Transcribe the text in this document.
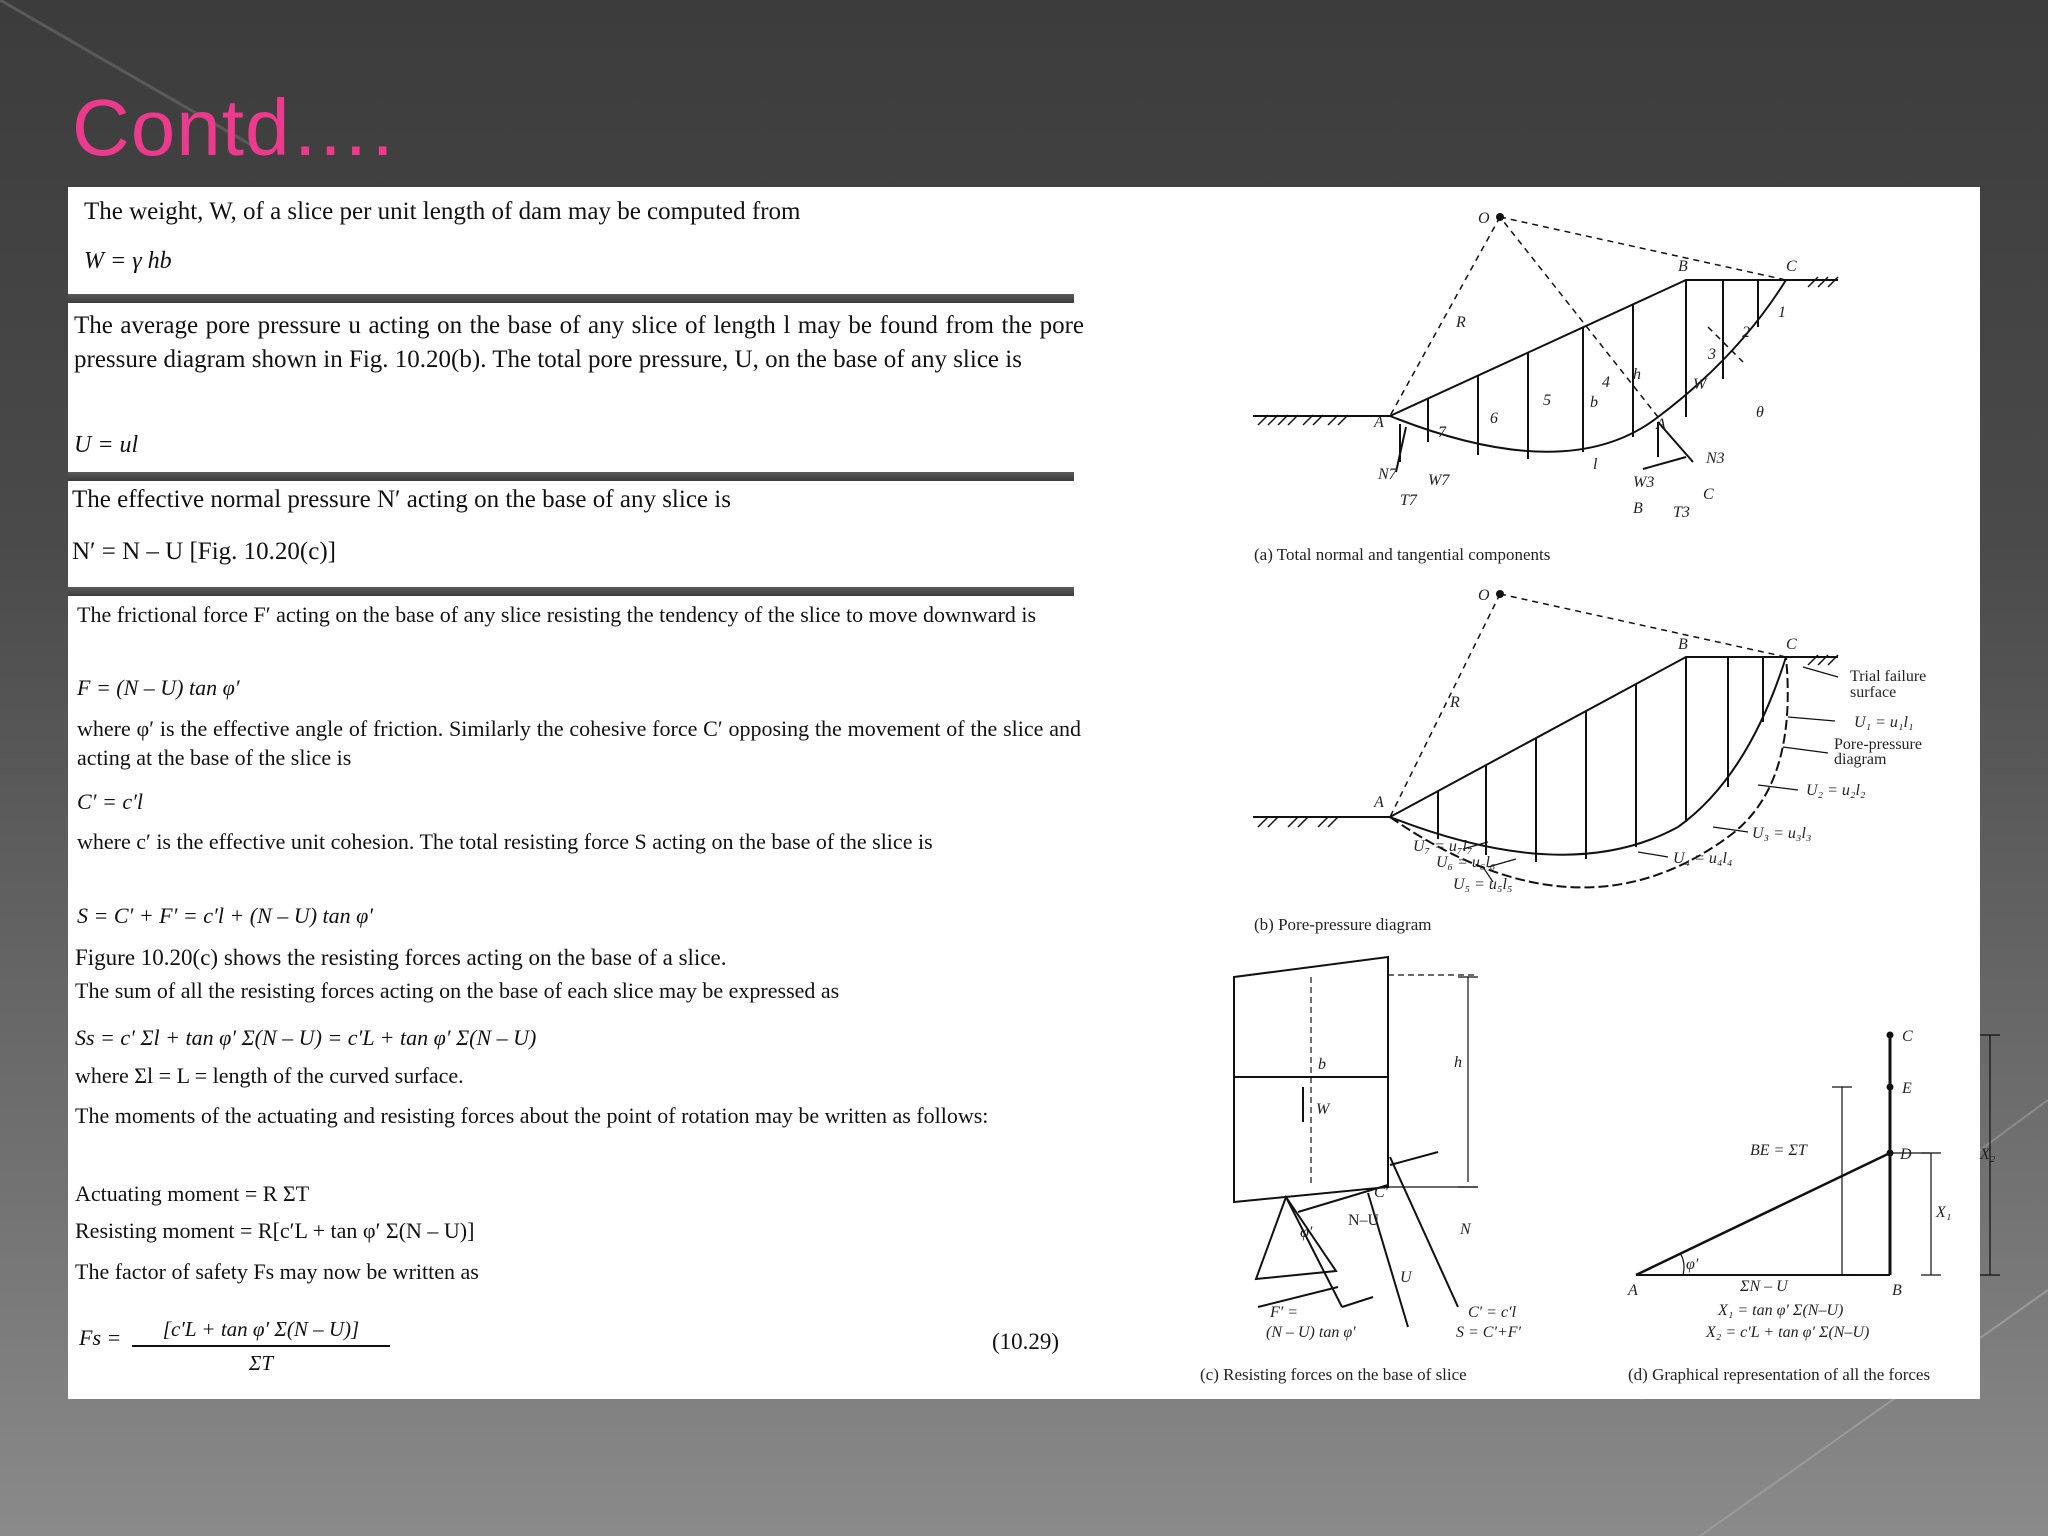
Contd….
The weight, W, of a slice per unit length of dam may be computed from
W = γ hb
The average pore pressure u acting on the base of any slice of length l may be found from the pore pressure diagram shown in Fig. 10.20(b). The total pore pressure, U, on the base of any slice is
U = ul
The effective normal pressure N′ acting on the base of any slice is
N′ = N – U [Fig. 10.20(c)]
The frictional force F′ acting on the base of any slice resisting the tendency of the slice to move downward is
F = (N – U) tan φ′
where φ′ is the effective angle of friction. Similarly the cohesive force C′ opposing the movement of the slice and acting at the base of the slice is
C′ = c′l
where c′ is the effective unit cohesion. The total resisting force S acting on the base of the slice is
S = C′ + F′ = c′l + (N – U) tan φ′
Figure 10.20(c) shows the resisting forces acting on the base of a slice.
The sum of all the resisting forces acting on the base of each slice may be expressed as
Ss = c′ Σl + tan φ′ Σ(N – U) = c′L + tan φ′ Σ(N – U)
where Σl = L = length of the curved surface.
The moments of the actuating and resisting forces about the point of rotation may be written as follows:
Actuating moment = R ΣT
Resisting moment = R[c′L + tan φ′ Σ(N – U)]
The factor of safety Fs may now be written as
Fs =	[c′L + tan φ′ Σ(N – U)]
ΣT
(10.29)
O
R
B	C
A	A
1
2
3
4
5
6
7
h
b
W
θ
l
N7 W7
T7
N3
W3
B T3
C
(a) Total normal and tangential components
O
R
B	C
A
Trial failure
surface
U₁ = u₁l₁
Pore-pressure
diagram
U₂ = u₂l₂
U₃ = u₃l₃
U₄ = u₄l₄
U₇ = u₇l₇
U₆ = u₆l₆
U₅ = u₅l₅
(b) Pore-pressure diagram
b
W
h
C′
N–U
N
U
φ′
F′ =
(N – U) tan φ′
C′ = c′l
S = C′+F′
(c) Resisting forces on the base of slice
C
E
D
B
A
BE = ΣT	X₂
X₁
φ′
ΣN – U
X₁ = tan φ′ Σ(N–U)
X₂ = c′L + tan φ′ Σ(N–U)
(d) Graphical representation of all the forces
